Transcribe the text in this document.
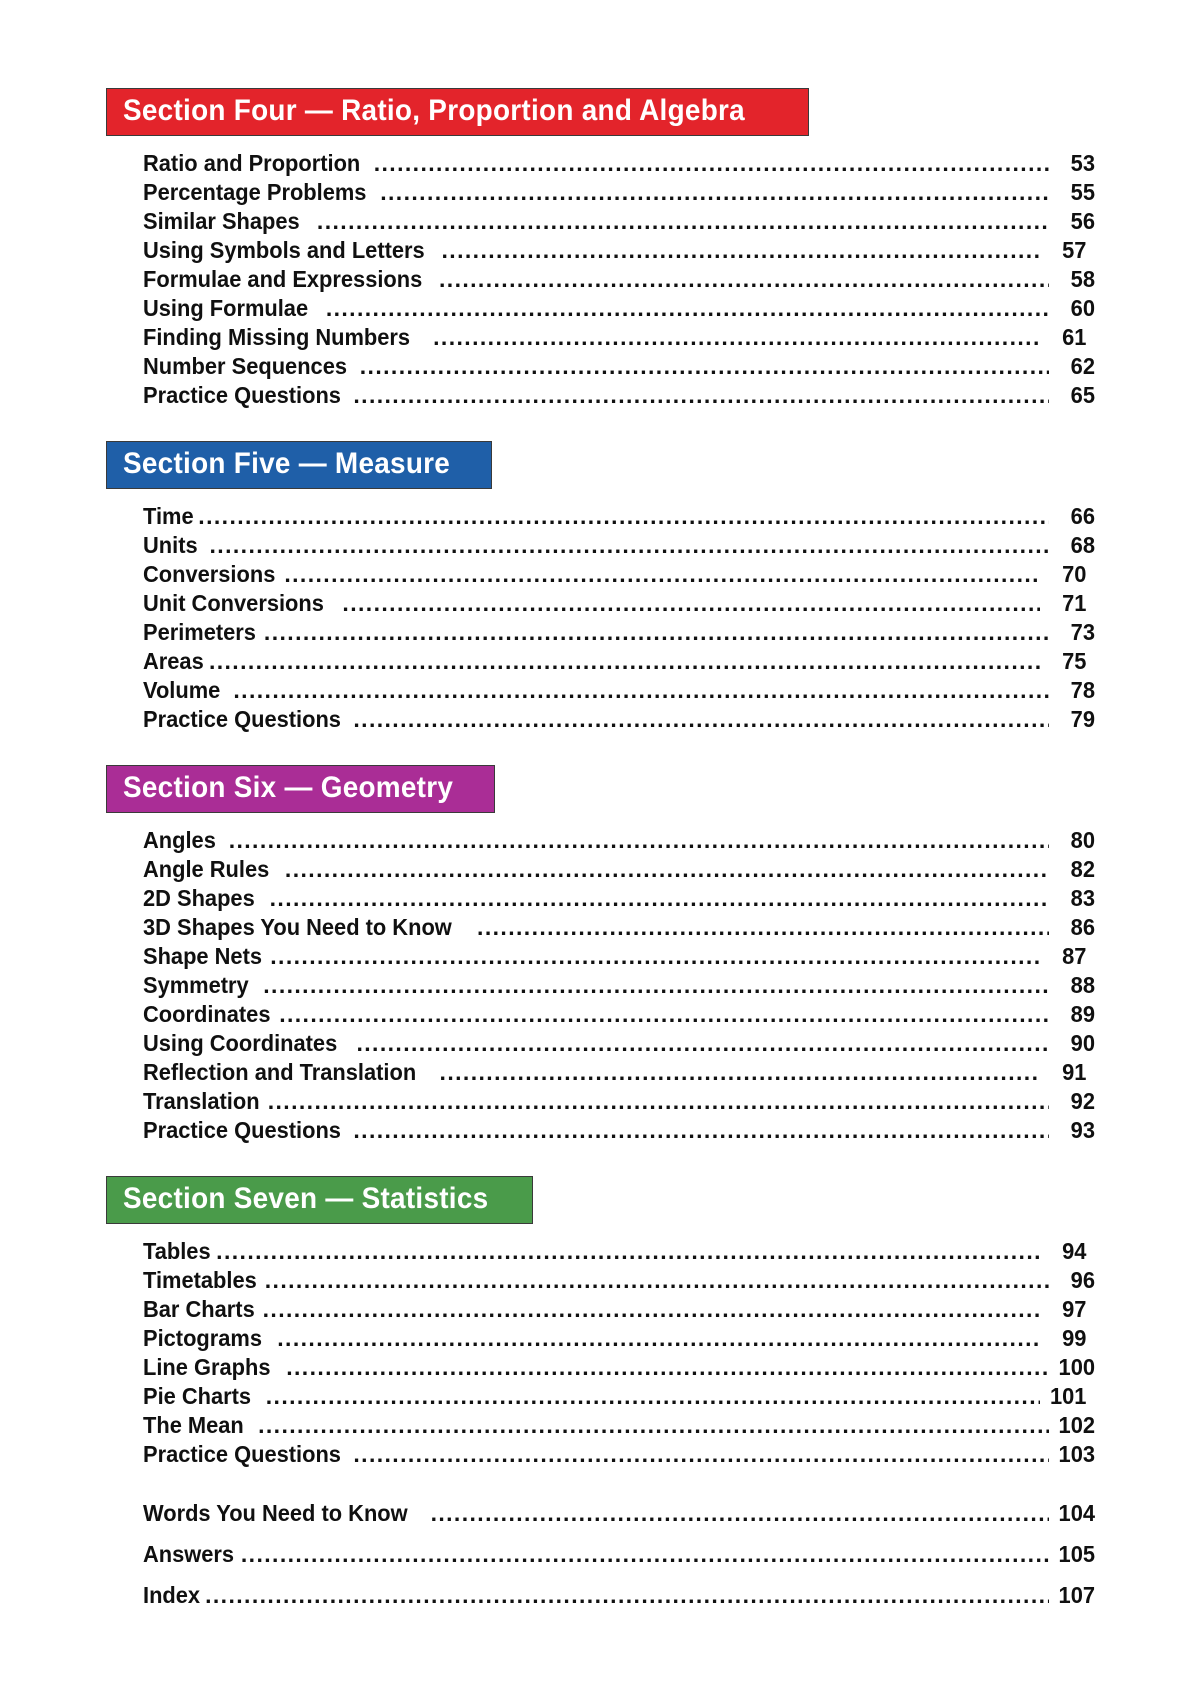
Section Four — Ratio, Proportion and Algebra
Ratio and Proportion .....	53
Percentage Problems .....	55
Similar Shapes .....	56
Using Symbols and Letters .....	57
Formulae and Expressions .....	58
Using Formulae .....	60
Finding Missing Numbers .....	61
Number Sequences .....	62
Practice Questions .....	65
Section Five — Measure
Time .....	66
Units .....	68
Conversions .....	70
Unit Conversions .....	71
Perimeters .....	73
Areas .....	75
Volume .....	78
Practice Questions .....	79
Section Six — Geometry
Angles .....	80
Angle Rules .....	82
2D Shapes .....	83
3D Shapes You Need to Know .....	86
Shape Nets .....	87
Symmetry .....	88
Coordinates .....	89
Using Coordinates .....	90
Reflection and Translation .....	91
Translation .....	92
Practice Questions .....	93
Section Seven — Statistics
Tables .....	94
Timetables .....	96
Bar Charts .....	97
Pictograms .....	99
Line Graphs .....	100
Pie Charts .....	101
The Mean .....	102
Practice Questions .....	103
Words You Need to Know .....	104
Answers .....	105
Index .....	107
